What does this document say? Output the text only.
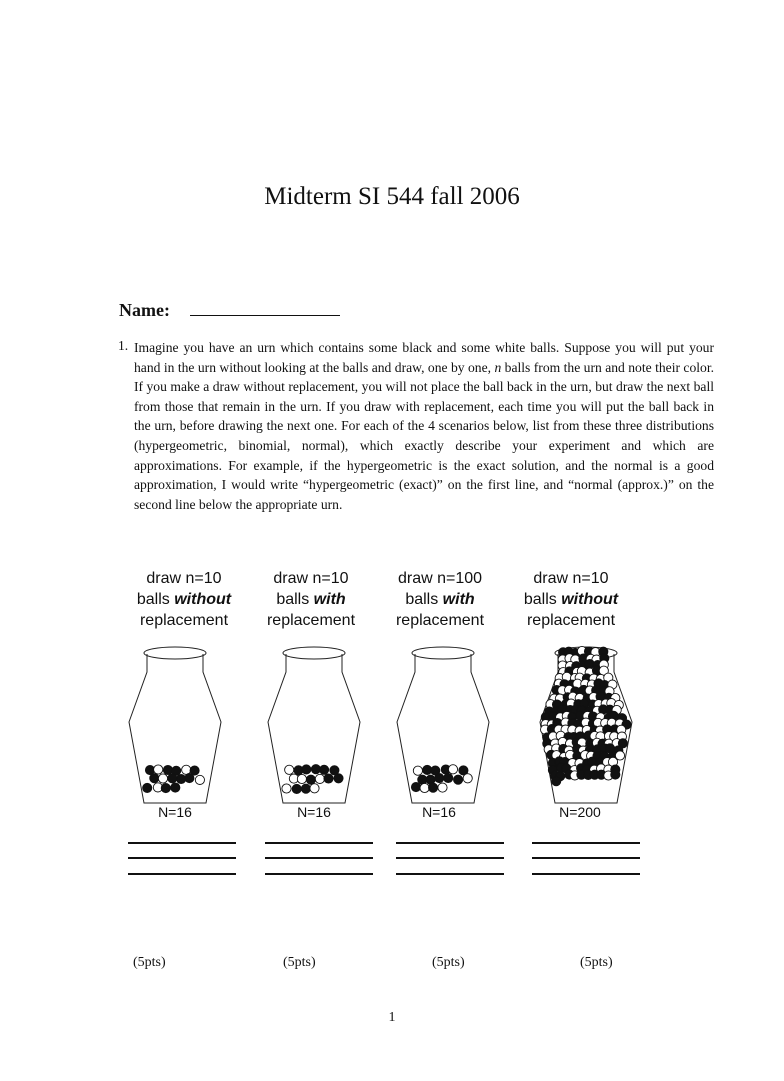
Midterm SI 544 fall 2006
Name:
1. Imagine you have an urn which contains some black and some white balls. Suppose you will put your hand in the urn without looking at the balls and draw, one by one, n balls from the urn and note their color. If you make a draw without replacement, you will not place the ball back in the urn, but draw the next ball from those that remain in the urn. If you draw with replacement, each time you will put the ball back in the urn, before drawing the next one. For each of the 4 scenarios below, list from these three distributions (hypergeometric, binomial, normal), which exactly describe your experiment and which are approximations. For example, if the hypergeometric is the exact solution, and the normal is a good approximation, I would write “hypergeometric (exact)” on the first line, and “normal (approx.)” on the second line below the appropriate urn.
draw n=10
balls without
replacement
draw n=10
balls with
replacement
draw n=100
balls with
replacement
draw n=10
balls without
replacement
N=16	N=16	N=16	N=200
(5pts)	(5pts)	(5pts)	(5pts)
1
